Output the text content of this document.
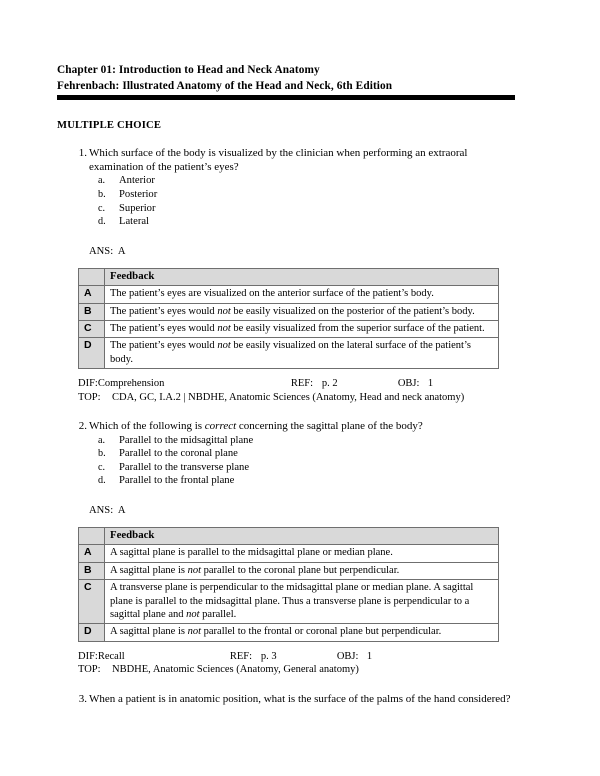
Chapter 01: Introduction to Head and Neck Anatomy
Fehrenbach: Illustrated Anatomy of the Head and Neck, 6th Edition
MULTIPLE CHOICE
1. Which surface of the body is visualized by the clinician when performing an extraoral examination of the patient’s eyes?
a. Anterior
b. Posterior
c. Superior
d. Lateral
ANS: A
	Feedback
A	The patient’s eyes are visualized on the anterior surface of the patient’s body.
B	The patient’s eyes would not be easily visualized on the posterior of the patient’s body.
C	The patient’s eyes would not be easily visualized from the superior surface of the patient.
D	The patient’s eyes would not be easily visualized on the lateral surface of the patient’s body.
DIF:Comprehension	REF: p. 2	OBJ: 1
TOP: CDA, GC, I.A.2 | NBDHE, Anatomic Sciences (Anatomy, Head and neck anatomy)
2. Which of the following is correct concerning the sagittal plane of the body?
a. Parallel to the midsagittal plane
b. Parallel to the coronal plane
c. Parallel to the transverse plane
d. Parallel to the frontal plane
ANS: A
	Feedback
A	A sagittal plane is parallel to the midsagittal plane or median plane.
B	A sagittal plane is not parallel to the coronal plane but perpendicular.
C	A transverse plane is perpendicular to the midsagittal plane or median plane. A sagittal plane is parallel to the midsagittal plane. Thus a transverse plane is perpendicular to a sagittal plane and not parallel.
D	A sagittal plane is not parallel to the frontal or coronal plane but perpendicular.
DIF:Recall	REF: p. 3	OBJ: 1
TOP: NBDHE, Anatomic Sciences (Anatomy, General anatomy)
3. When a patient is in anatomic position, what is the surface of the palms of the hand considered?
